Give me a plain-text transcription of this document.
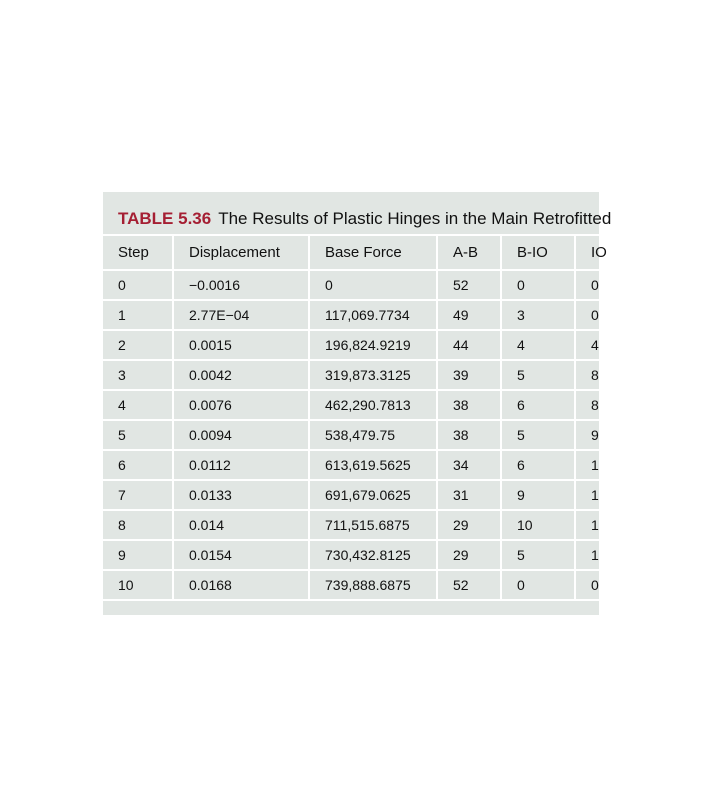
TABLE 5.36 The Results of Plastic Hinges in the Main Retrofitted
Step	Displacement	Base Force	A-B	B-IO	IO
0	−0.0016	0	52	0	0
1	2.77E−04	117,069.7734	49	3	0
2	0.0015	196,824.9219	44	4	4
3	0.0042	319,873.3125	39	5	8
4	0.0076	462,290.7813	38	6	8
5	0.0094	538,479.75	38	5	9
6	0.0112	613,619.5625	34	6	1
7	0.0133	691,679.0625	31	9	1
8	0.014	711,515.6875	29	10	1
9	0.0154	730,432.8125	29	5	1
10	0.0168	739,888.6875	52	0	0
